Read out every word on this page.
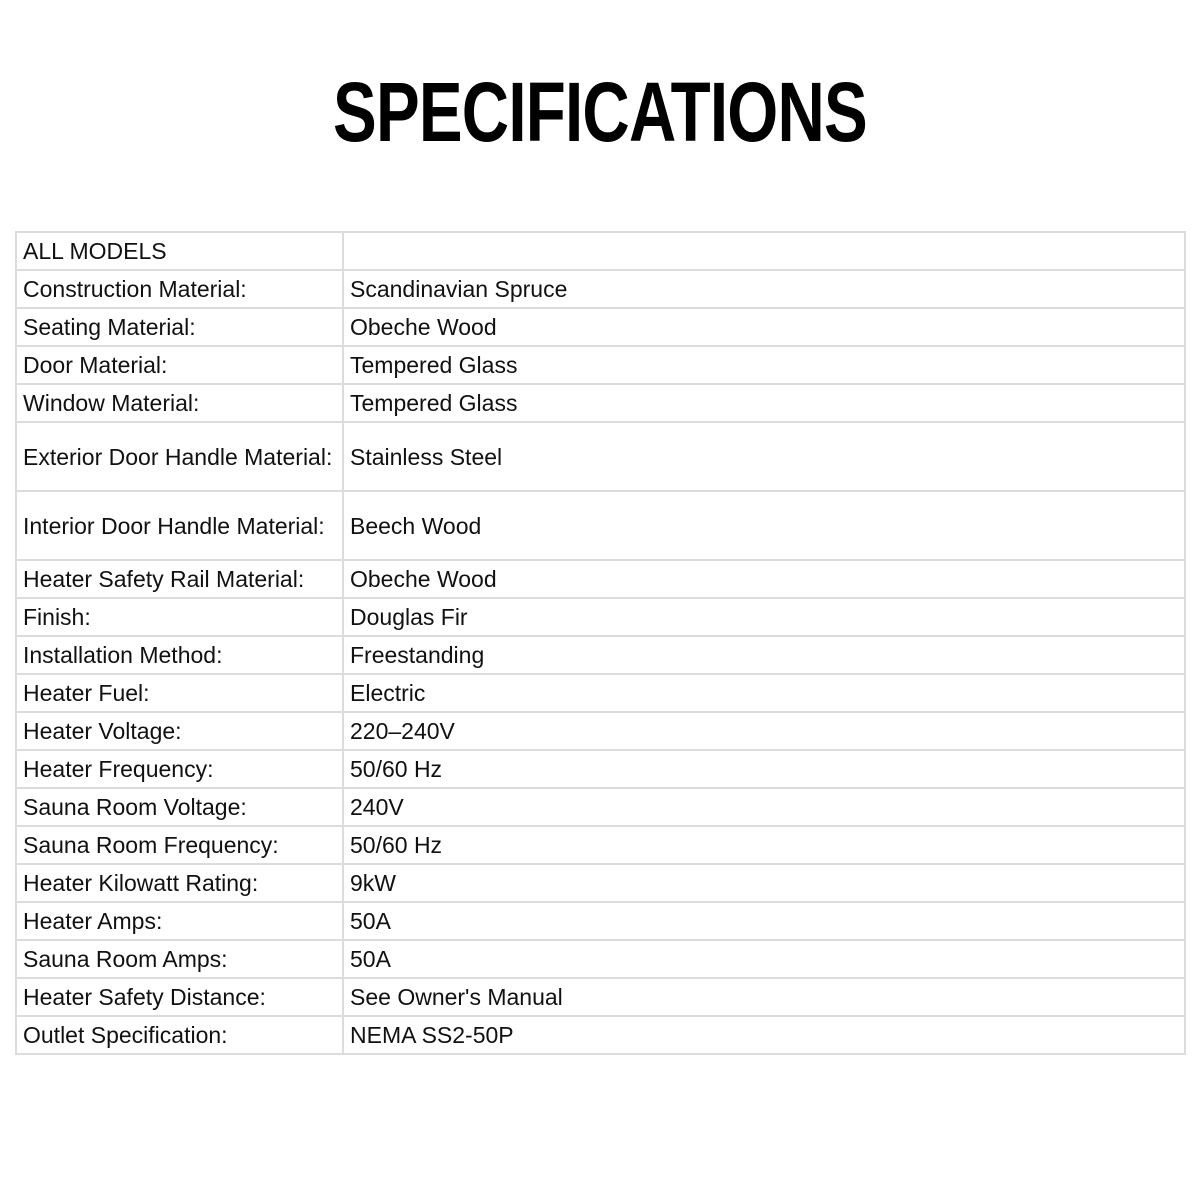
SPECIFICATIONS
ALL MODELS	
Construction Material:	Scandinavian Spruce
Seating Material:	Obeche Wood
Door Material:	Tempered Glass
Window Material:	Tempered Glass
Exterior Door Handle Material:	Stainless Steel
Interior Door Handle Material:	Beech Wood
Heater Safety Rail Material:	Obeche Wood
Finish:	Douglas Fir
Installation Method:	Freestanding
Heater Fuel:	Electric
Heater Voltage:	220–240V
Heater Frequency:	50/60 Hz
Sauna Room Voltage:	240V
Sauna Room Frequency:	50/60 Hz
Heater Kilowatt Rating:	9kW
Heater Amps:	50A
Sauna Room Amps:	50A
Heater Safety Distance:	See Owner's Manual
Outlet Specification:	NEMA SS2-50P
